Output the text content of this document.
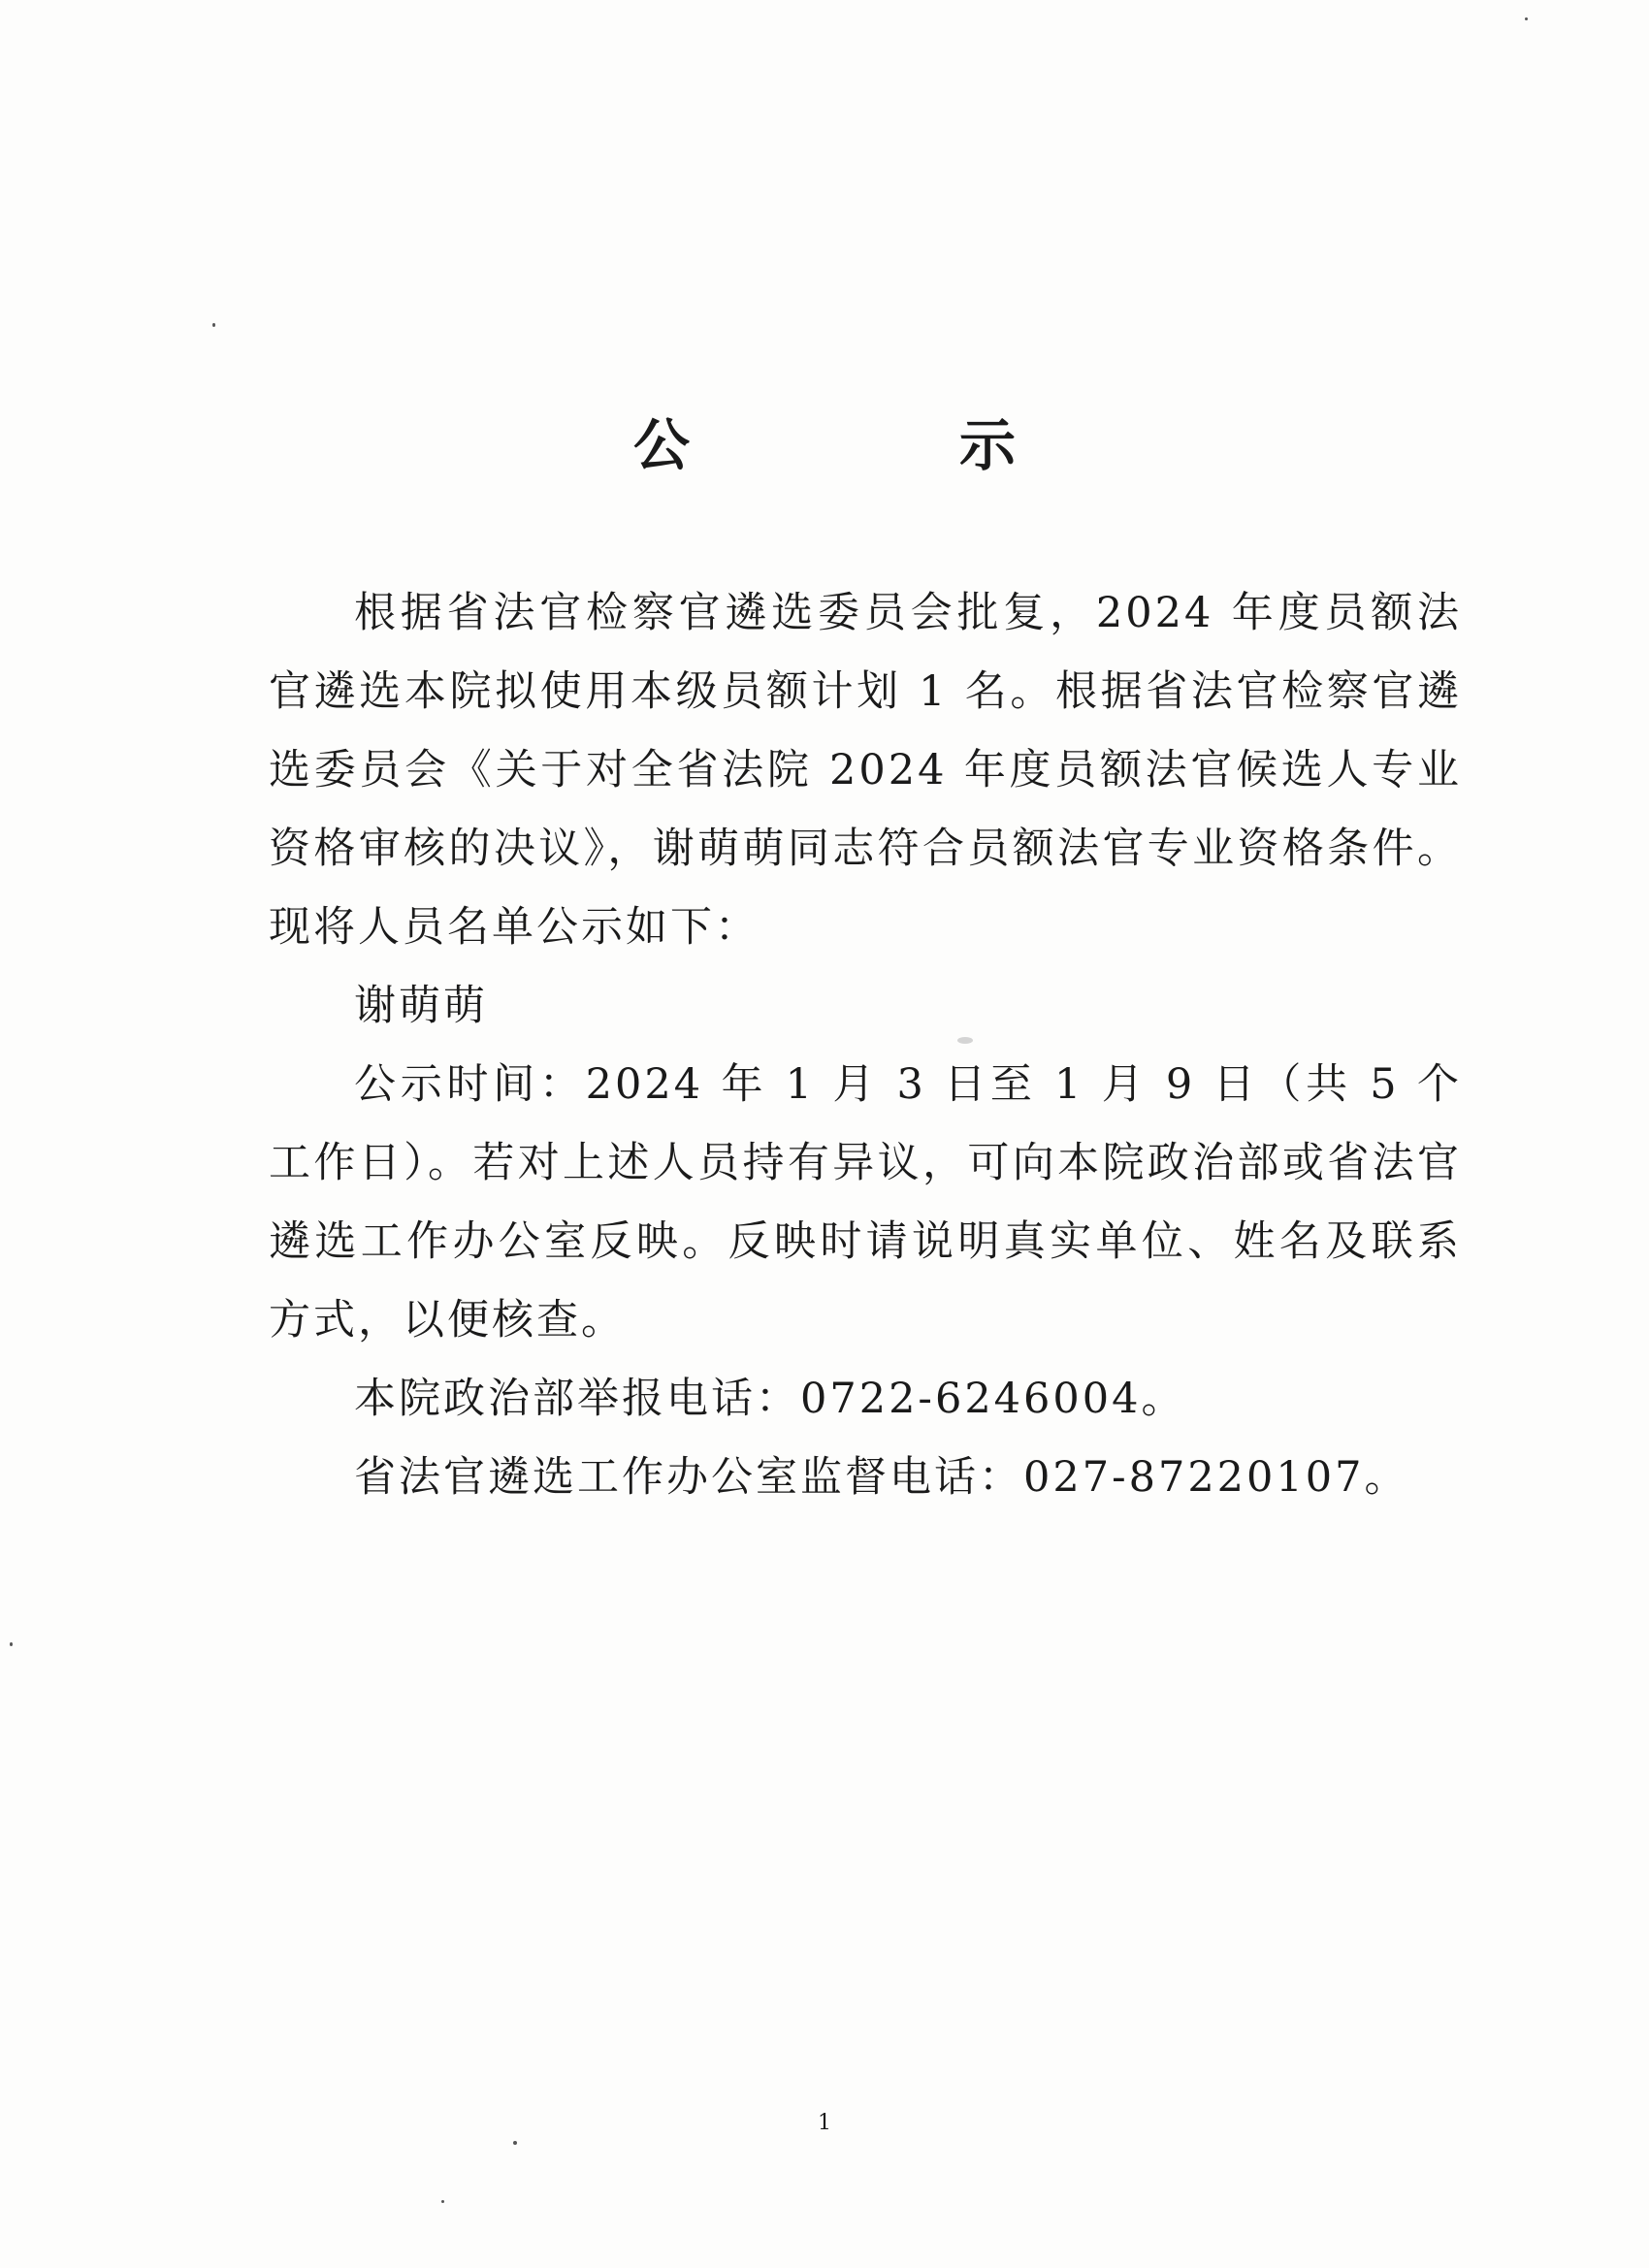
公　示

根据省法官检察官遴选委员会批复，2024 年度员额法官遴选本院拟使用本级员额计划 1 名。根据省法官检察官遴选委员会《关于对全省法院 2024 年度员额法官候选人专业资格审核的决议》，谢萌萌同志符合员额法官专业资格条件。现将人员名单公示如下：

谢萌萌

公示时间：2024 年 1 月 3 日至 1 月 9 日（共 5 个工作日）。若对上述人员持有异议，可向本院政治部或省法官遴选工作办公室反映。反映时请说明真实单位、姓名及联系方式，以便核查。

本院政治部举报电话：0722-6246004。

省法官遴选工作办公室监督电话：027-87220107。

1
